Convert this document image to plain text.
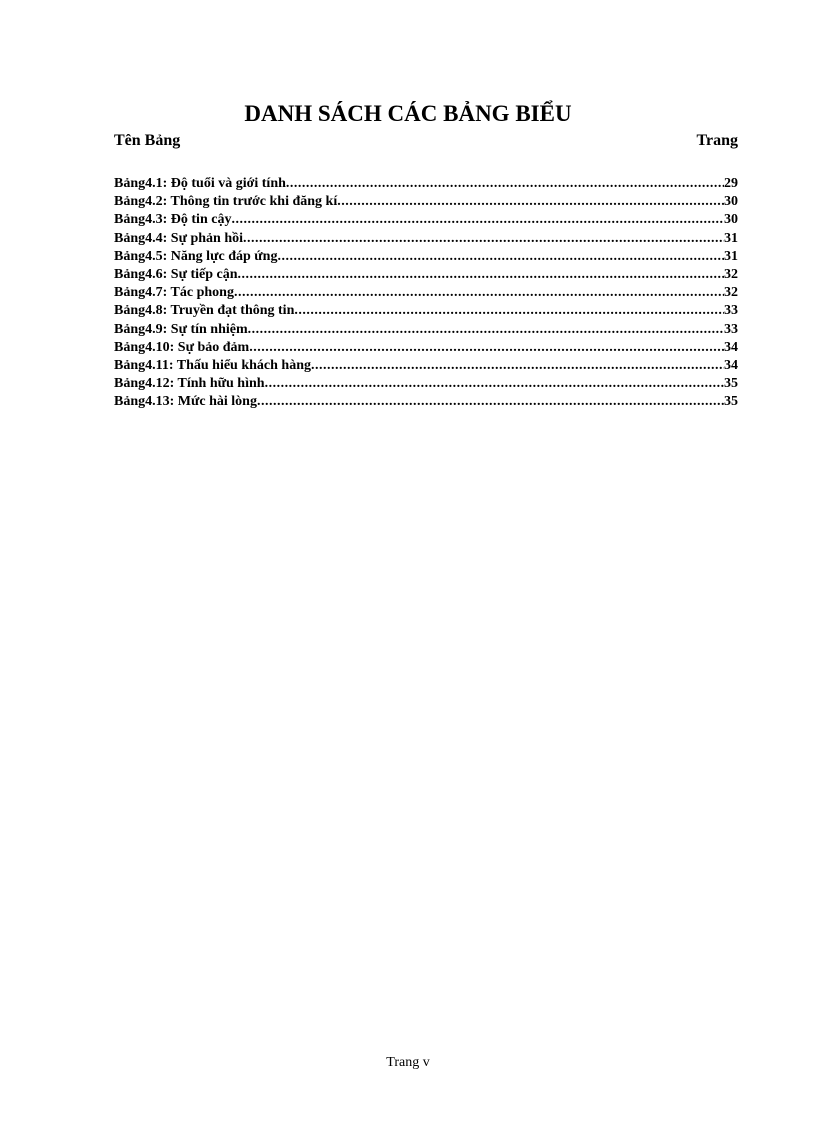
DANH SÁCH CÁC BẢNG BIỂU
Tên Bảng	Trang
Bảng4.1: Độ tuổi và giới tính .....	29
Bảng4.2: Thông tin trước khi đăng kí .....	30
Bảng4.3: Độ tin cậy .....	30
Bảng4.4: Sự phản hồi .....	31
Bảng4.5: Năng lực đáp ứng .....	31
Bảng4.6: Sự tiếp cận .....	32
Bảng4.7: Tác phong .....	32
Bảng4.8: Truyền đạt thông tin .....	33
Bảng4.9: Sự tín nhiệm .....	33
Bảng4.10: Sự bảo đảm .....	34
Bảng4.11: Thấu hiểu khách hàng .....	34
Bảng4.12: Tính hữu hình .....	35
Bảng4.13: Mức hài lòng .....	35
Trang v
